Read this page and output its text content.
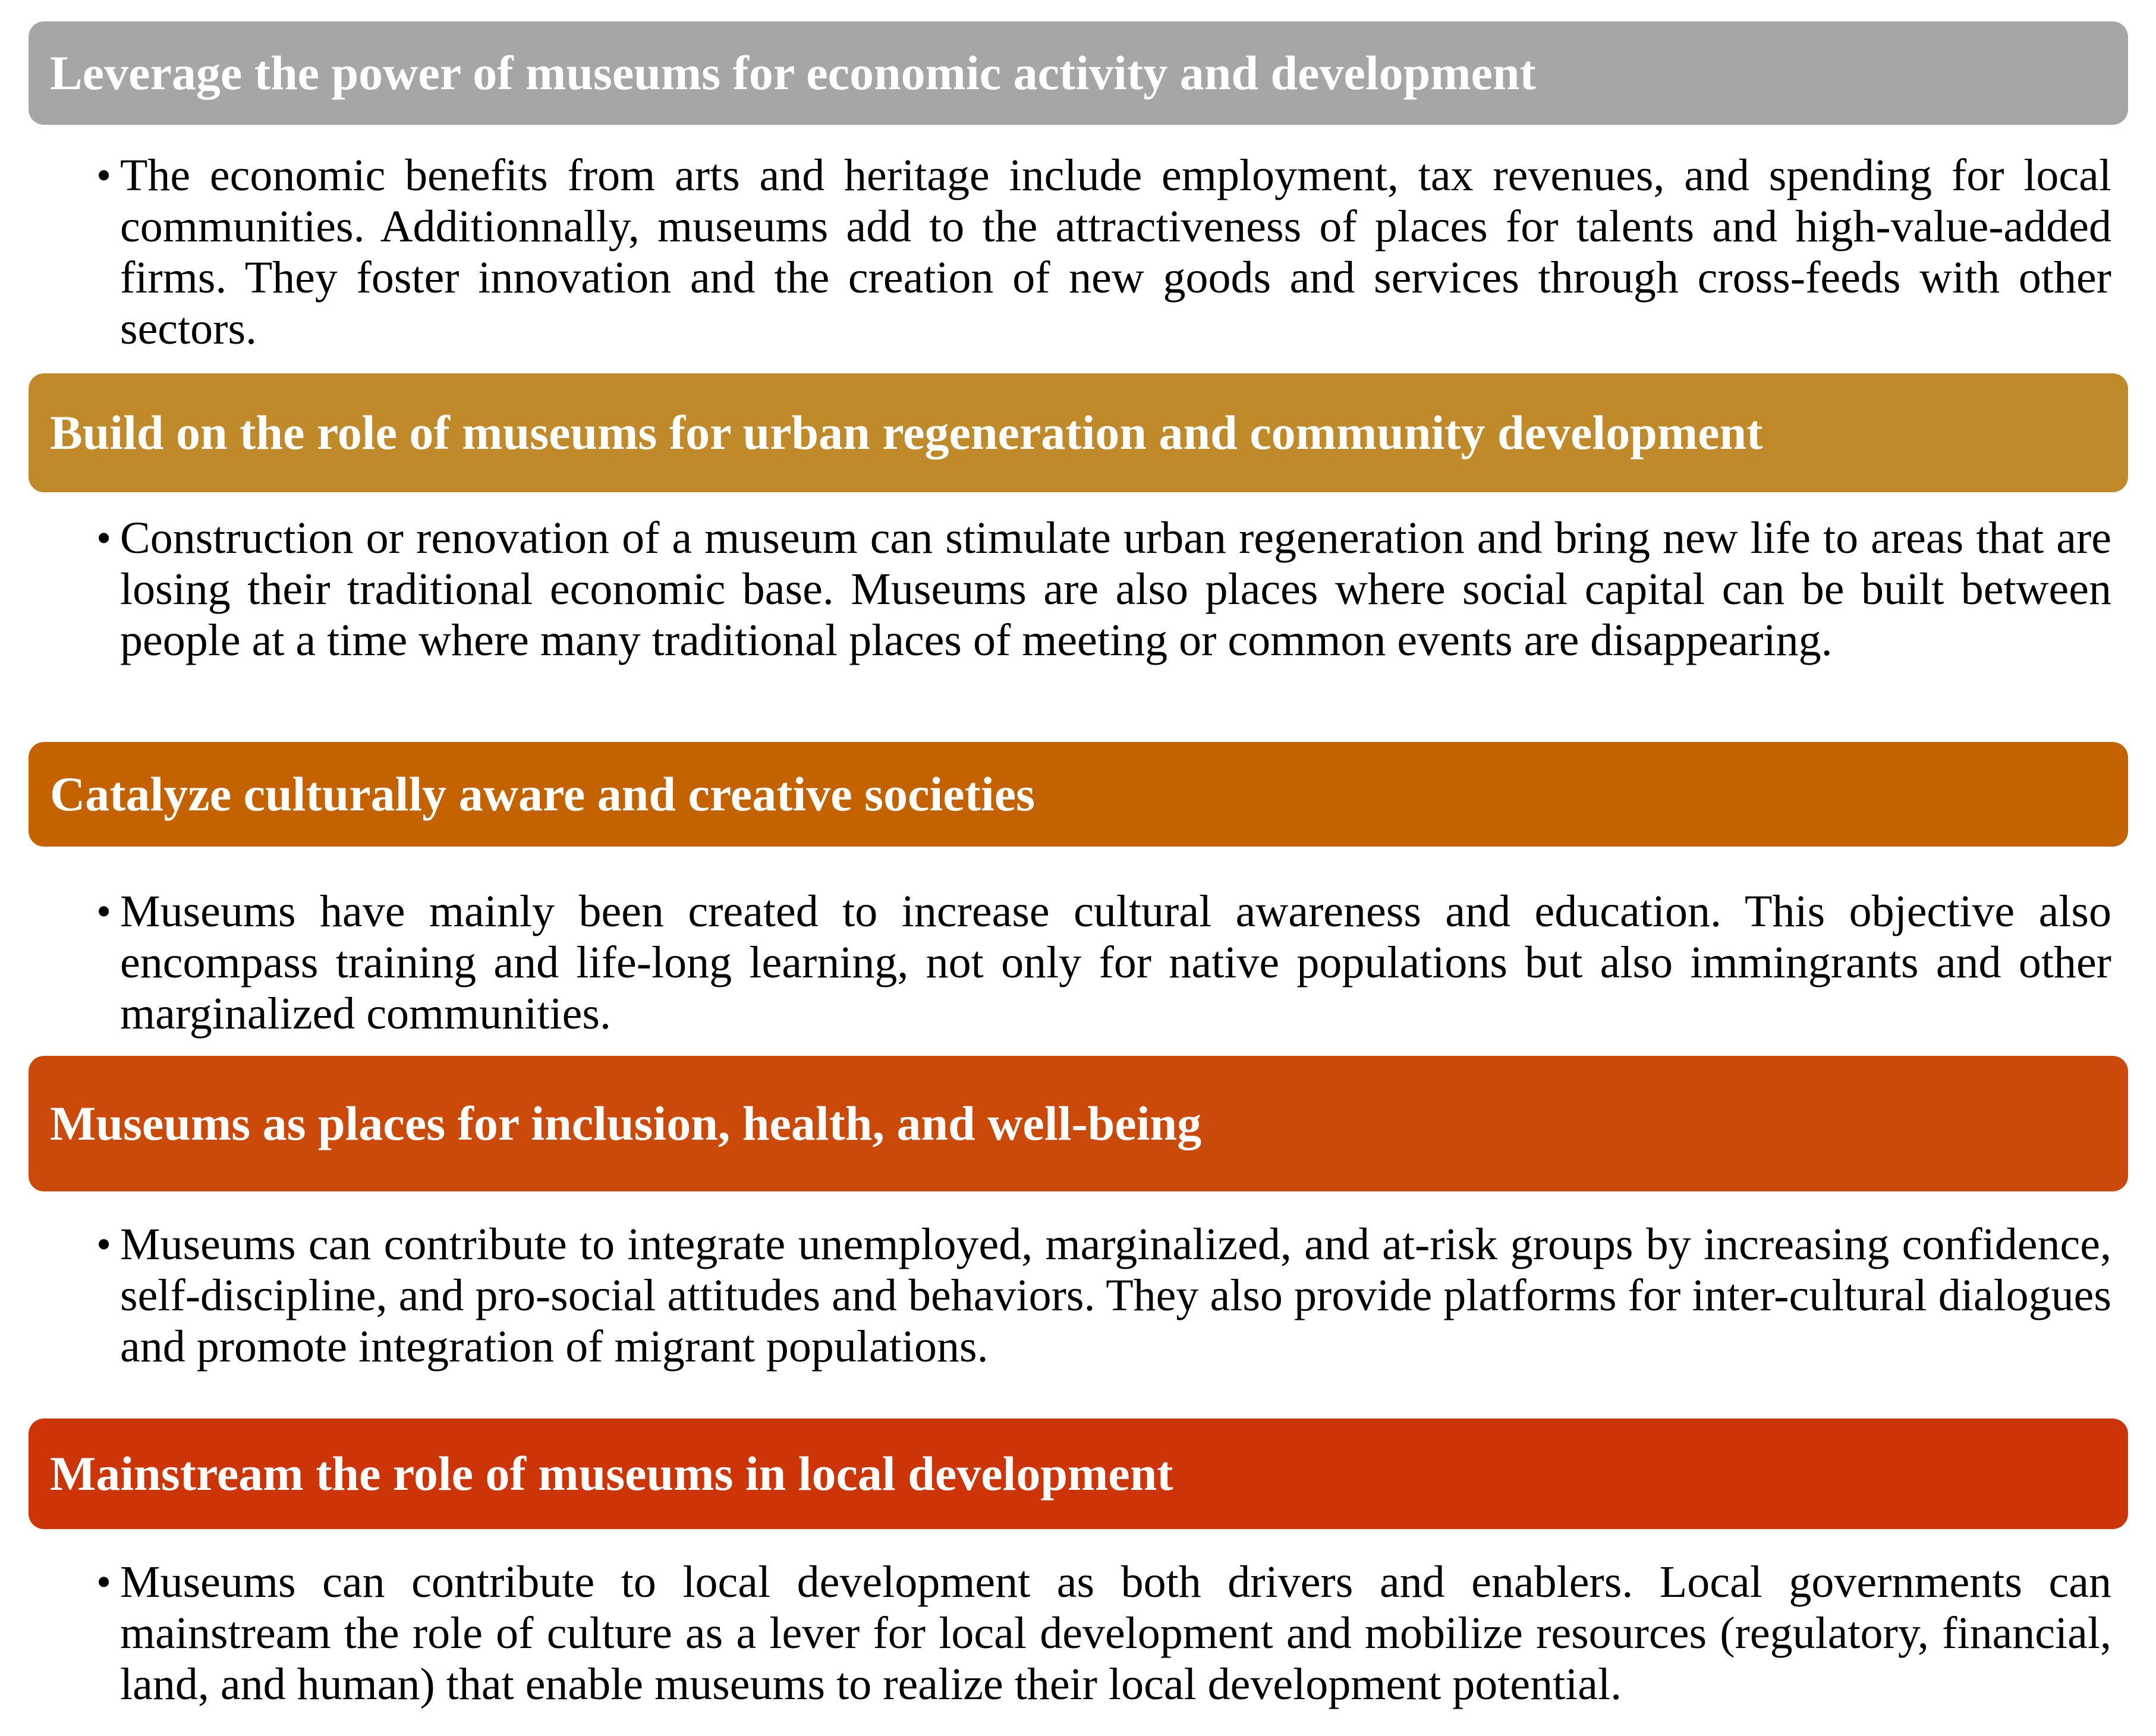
Leverage the power of museums for economic activity and development
• The economic benefits from arts and heritage include employment, tax revenues, and spending for local communities. Additionnally, museums add to the attractiveness of places for talents and high-value-added firms. They foster innovation and the creation of new goods and services through cross-feeds with other sectors.
Build on the role of museums for urban regeneration and community development
• Construction or renovation of a museum can stimulate urban regeneration and bring new life to areas that are losing their traditional economic base. Museums are also places where social capital can be built between people at a time where many traditional places of meeting or common events are disappearing.
Catalyze culturally aware and creative societies
• Museums have mainly been created to increase cultural awareness and education. This objective also encompass training and life-long learning, not only for native populations but also immingrants and other marginalized communities.
Museums as places for inclusion, health, and well-being
• Museums can contribute to integrate unemployed, marginalized, and at-risk groups by increasing confidence, self-discipline, and pro-social attitudes and behaviors. They also provide platforms for inter-cultural dialogues and promote integration of migrant populations.
Mainstream the role of museums in local development
• Museums can contribute to local development as both drivers and enablers. Local governments can mainstream the role of culture as a lever for local development and mobilize resources (regulatory, financial, land, and human) that enable museums to realize their local development potential.
